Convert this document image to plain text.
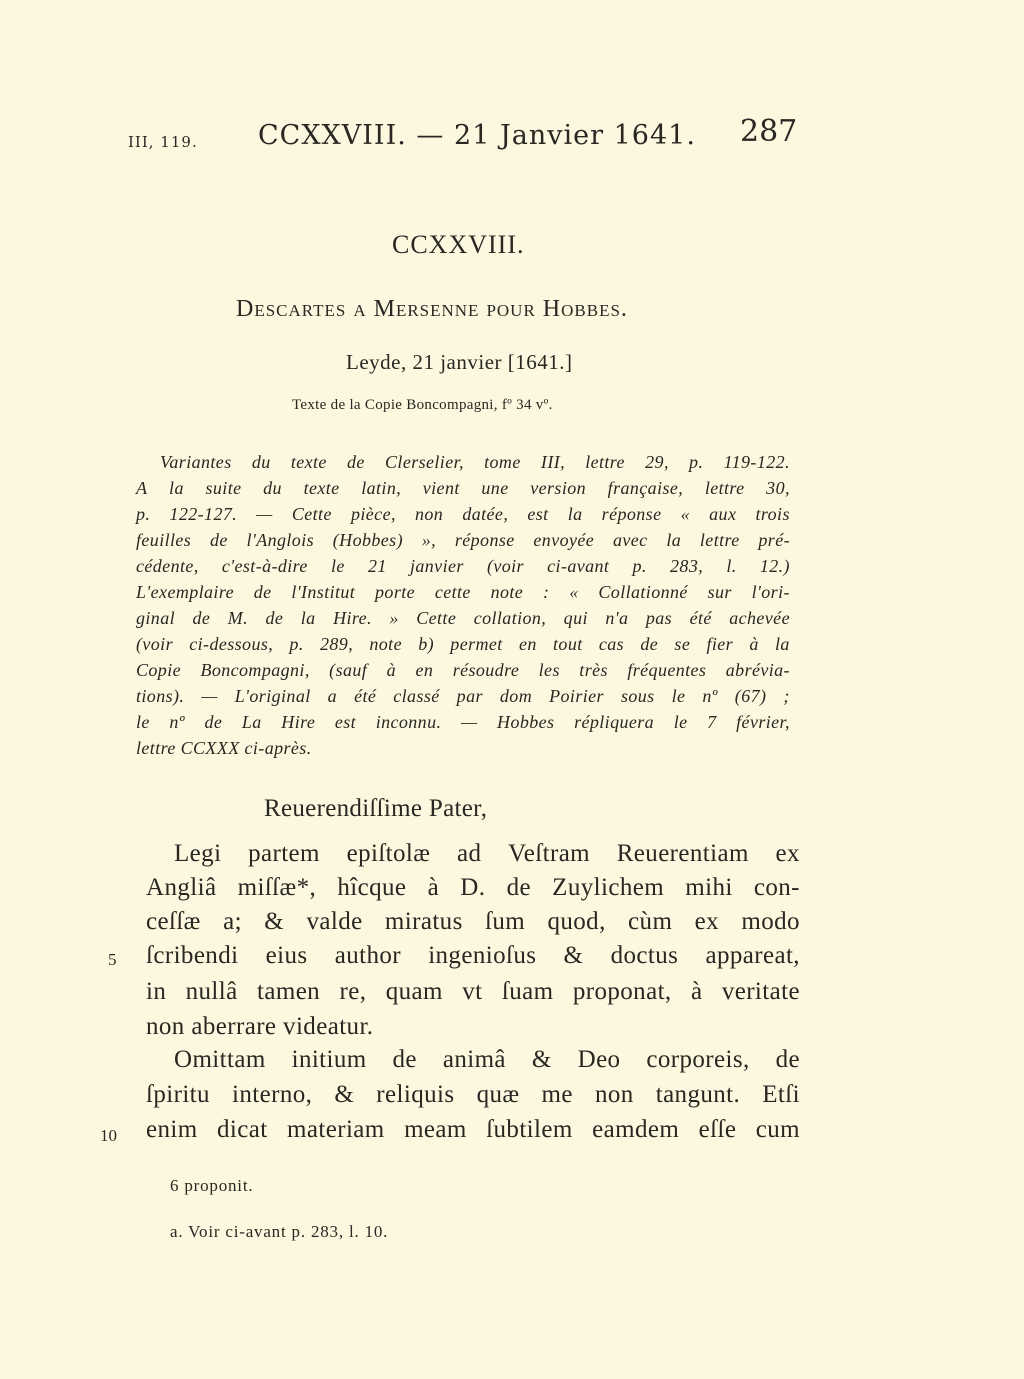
III, 119. CCXXVIII. — 21 Janvier 1641. 287
CCXXVIII.
Descartes a Mersenne pour Hobbes.
Leyde, 21 janvier [1641.]
Texte de la Copie Boncompagni, fº 34 vº.
Variantes du texte de Clerselier, tome III, lettre 29, p. 119-122.
A la suite du texte latin, vient une version française, lettre 30,
p. 122-127. — Cette pièce, non datée, est la réponse « aux trois
feuilles de l'Anglois (Hobbes) », réponse envoyée avec la lettre pré-
cédente, c'est-à-dire le 21 janvier (voir ci-avant p. 283, l. 12.)
L'exemplaire de l'Institut porte cette note : « Collationné sur l'ori-
ginal de M. de la Hire. » Cette collation, qui n'a pas été achevée
(voir ci-dessous, p. 289, note b) permet en tout cas de se fier à la
Copie Boncompagni, (sauf à en résoudre les très fréquentes abrévia-
tions). — L'original a été classé par dom Poirier sous le nº (67) ;
le nº de La Hire est inconnu. — Hobbes répliquera le 7 février,
lettre CCXXX ci-après.
Reuerendiſſime Pater,
Legi partem epiſtolæ ad Veſtram Reuerentiam ex
Angliâ miſſæ*, hîcque à D. de Zuylichem mihi con-
ceſſæ a; & valde miratus ſum quod, cùm ex modo
ſcribendi eius author ingenioſus & doctus appareat,
in nullâ tamen re, quam vt ſuam proponat, à veritate
non aberrare videatur.
Omittam initium de animâ & Deo corporeis, de
ſpiritu interno, & reliquis quæ me non tangunt. Etſi
enim dicat materiam meam ſubtilem eamdem eſſe cum
5
10
6 proponit.
a. Voir ci-avant p. 283, l. 10.
